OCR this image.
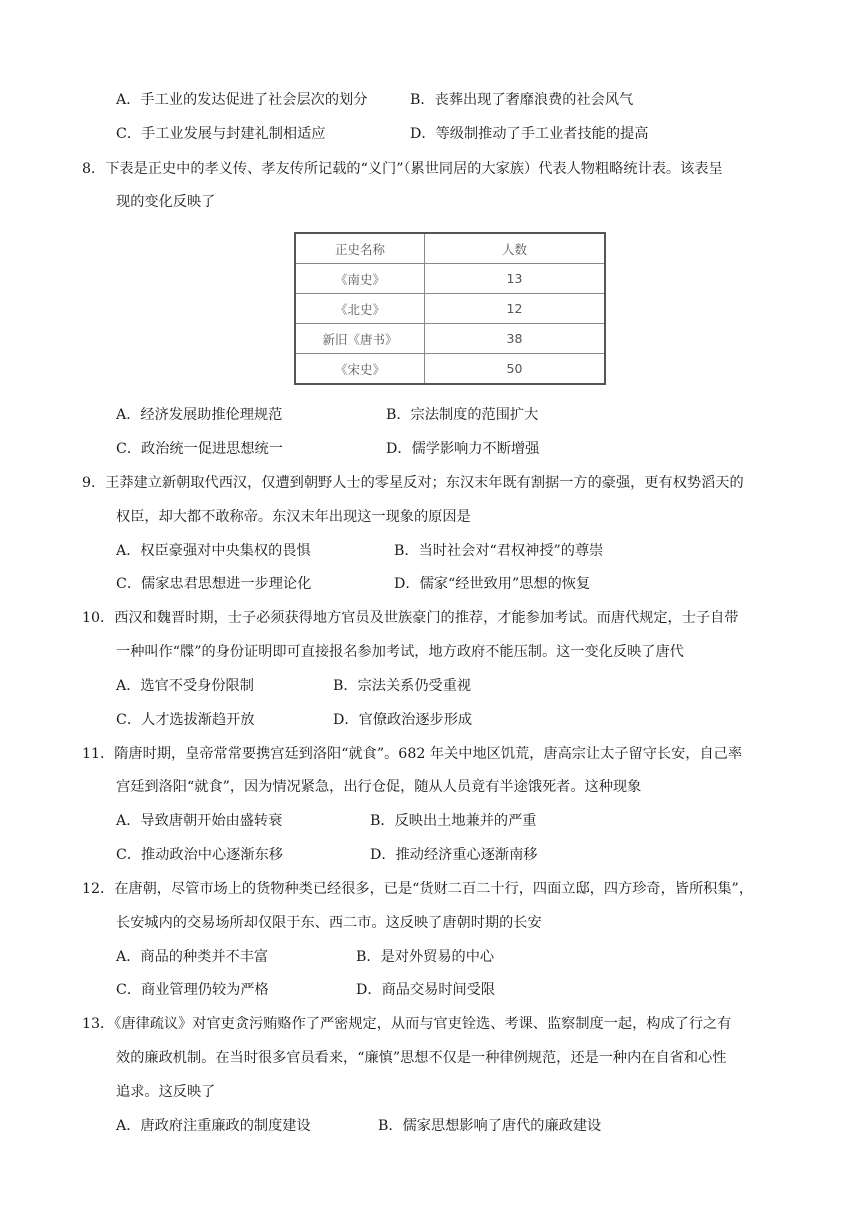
A．手工业的发达促进了社会层次的划分	B．丧葬出现了奢靡浪费的社会风气
C．手工业发展与封建礼制相适应	D．等级制推动了手工业者技能的提高
8．下表是正史中的孝义传、孝友传所记载的“义门”（累世同居的大家族）代表人物粗略统计表。该表呈
现的变化反映了
正史名称	人数
《南史》	13
《北史》	12
新旧《唐书》	38
《宋史》	50
A．经济发展助推伦理规范	B．宗法制度的范围扩大
C．政治统一促进思想统一	D．儒学影响力不断增强
9．王莽建立新朝取代西汉，仅遭到朝野人士的零星反对；东汉末年既有割据一方的豪强，更有权势滔天的
权臣，却大都不敢称帝。东汉末年出现这一现象的原因是
A．权臣豪强对中央集权的畏惧	B．当时社会对“君权神授”的尊崇
C．儒家忠君思想进一步理论化	D．儒家“经世致用”思想的恢复
10．西汉和魏晋时期，士子必须获得地方官员及世族豪门的推荐，才能参加考试。而唐代规定，士子自带
一种叫作“牒”的身份证明即可直接报名参加考试，地方政府不能压制。这一变化反映了唐代
A．选官不受身份限制	B．宗法关系仍受重视
C．人才选拔渐趋开放	D．官僚政治逐步形成
11．隋唐时期，皇帝常常要携宫廷到洛阳“就食”。682 年关中地区饥荒，唐高宗让太子留守长安，自己率
宫廷到洛阳“就食”，因为情况紧急，出行仓促，随从人员竟有半途饿死者。这种现象
A．导致唐朝开始由盛转衰	B．反映出土地兼并的严重
C．推动政治中心逐渐东移	D．推动经济重心逐渐南移
12．在唐朝，尽管市场上的货物种类已经很多，已是“货财二百二十行，四面立邸，四方珍奇，皆所积集”，
长安城内的交易场所却仅限于东、西二市。这反映了唐朝时期的长安
A．商品的种类并不丰富	B．是对外贸易的中心
C．商业管理仍较为严格	D．商品交易时间受限
13．《唐律疏议》对官吏贪污贿赂作了严密规定，从而与官吏铨选、考课、监察制度一起，构成了行之有
效的廉政机制。在当时很多官员看来，“廉慎”思想不仅是一种律例规范，还是一种内在自省和心性
追求。这反映了
A．唐政府注重廉政的制度建设	B．儒家思想影响了唐代的廉政建设
